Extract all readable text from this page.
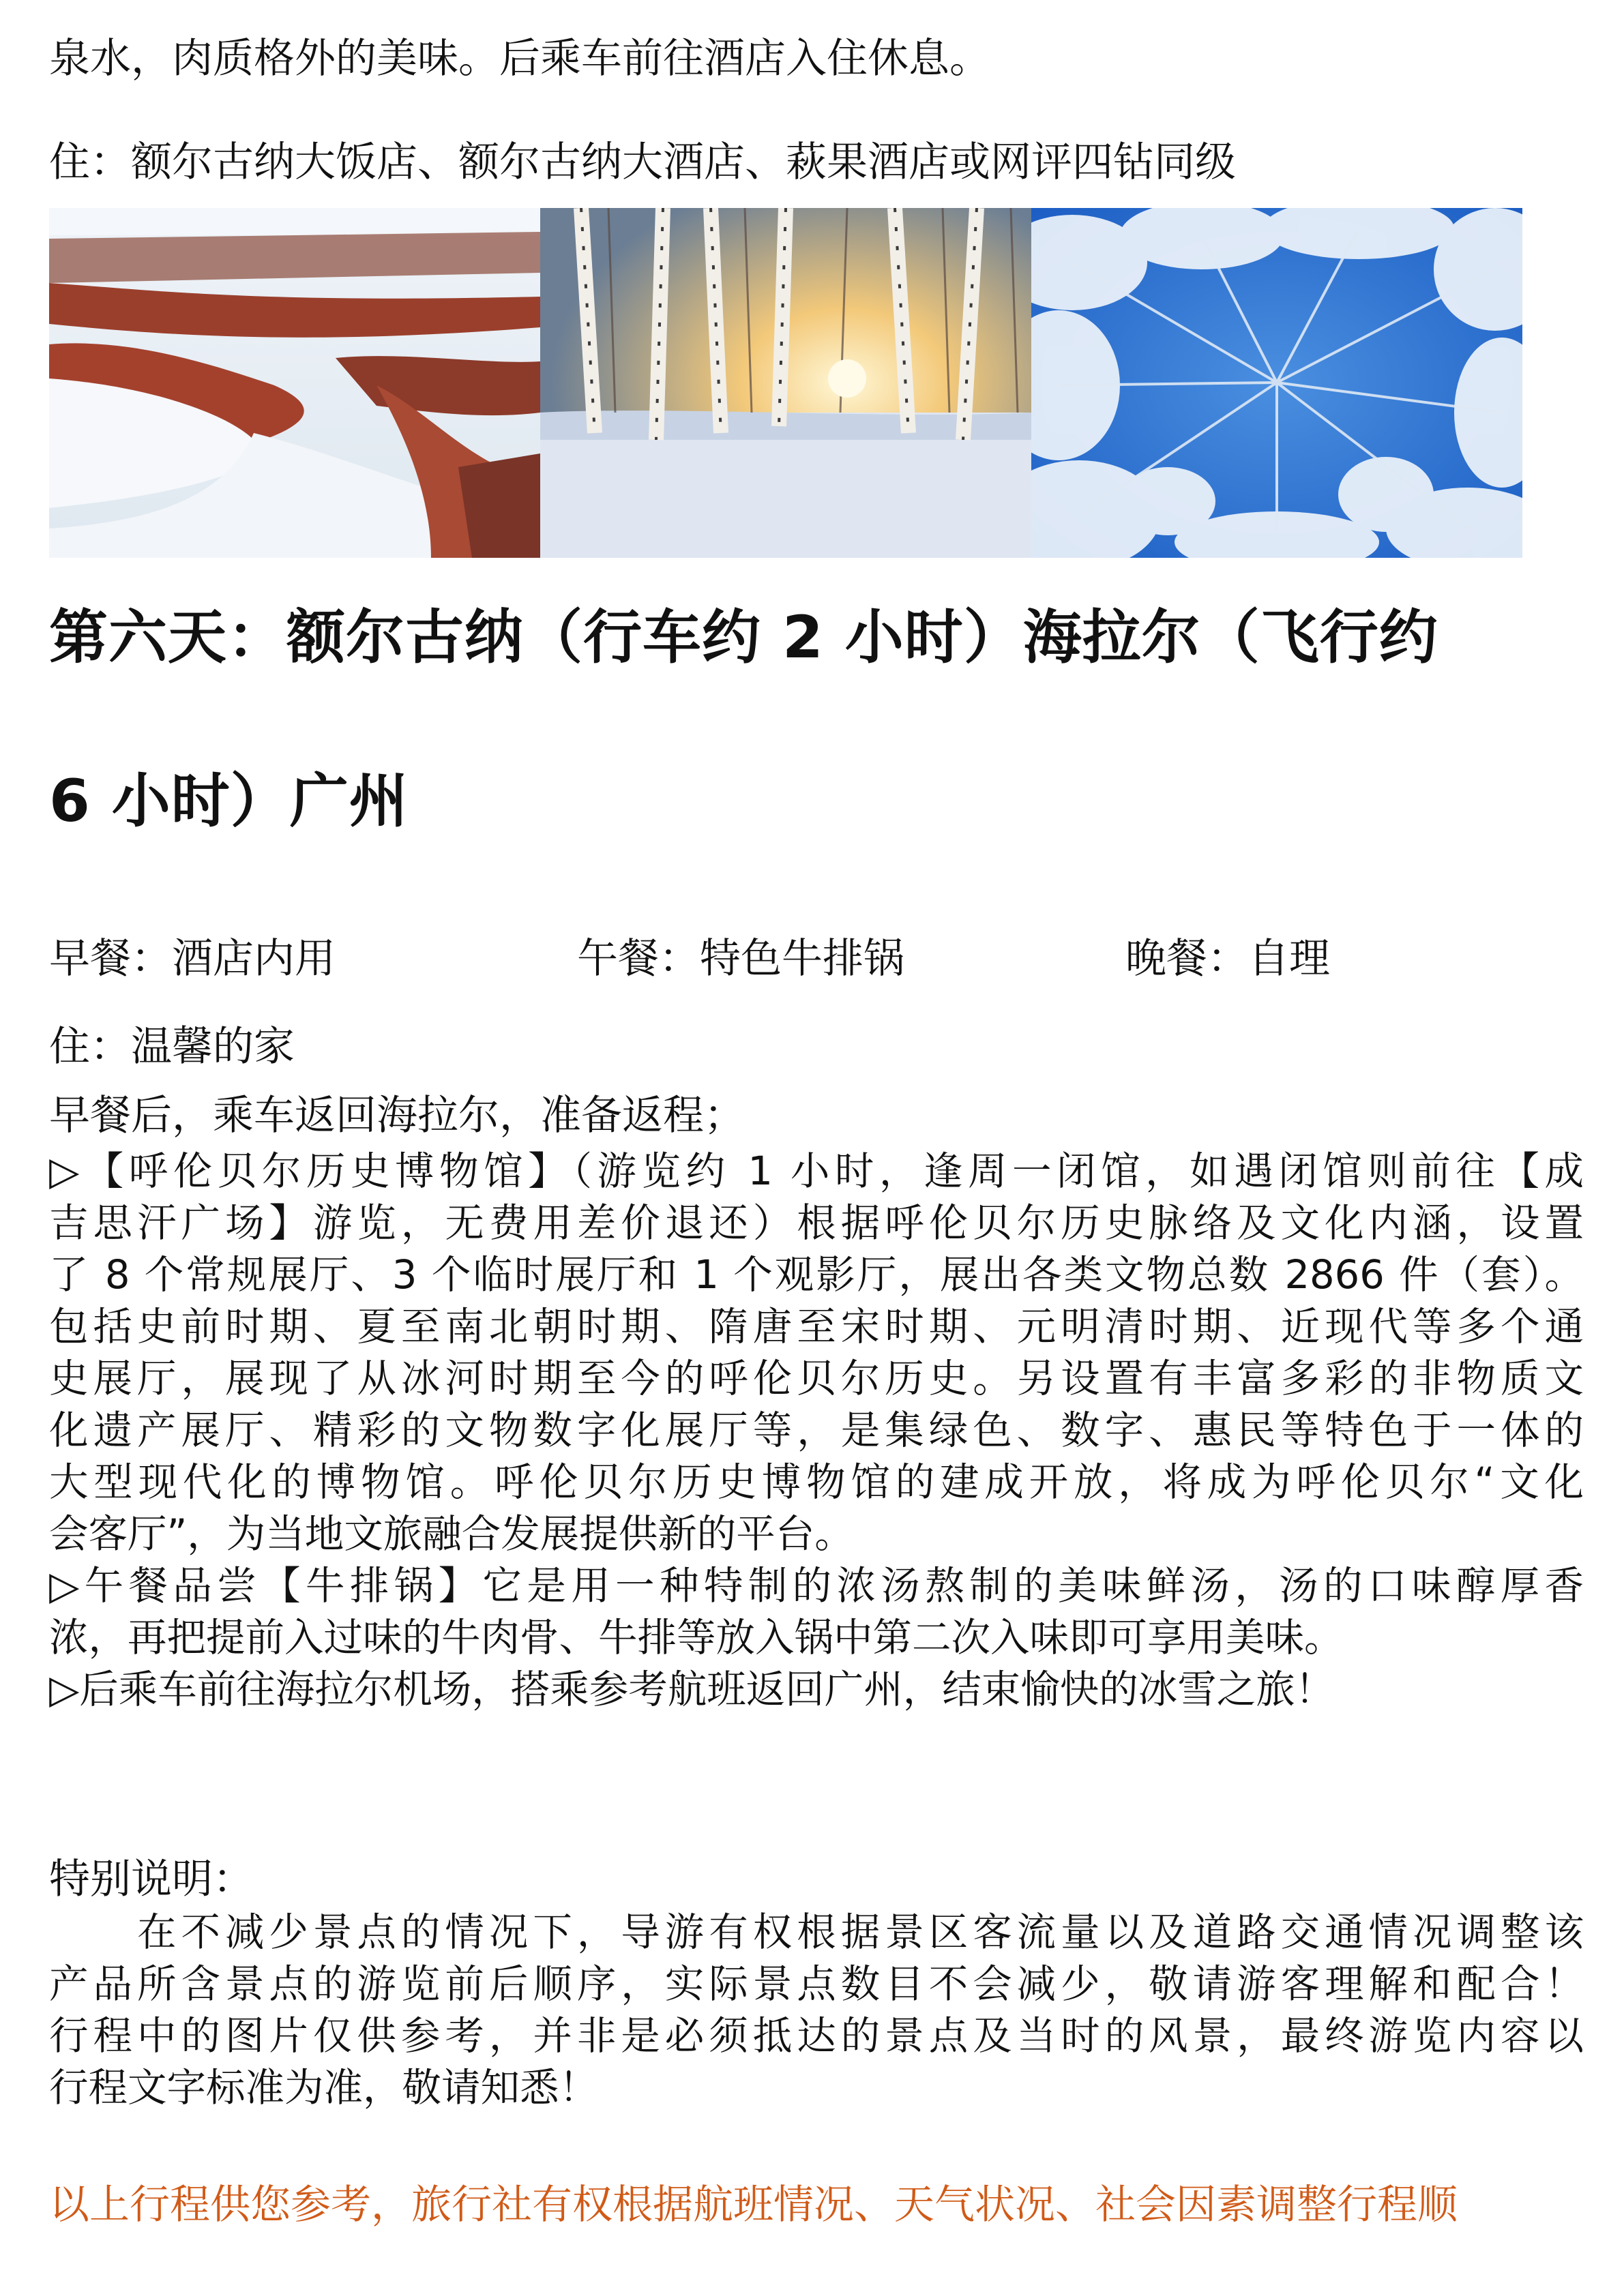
泉水，肉质格外的美味。后乘车前往酒店入住休息。
住：额尔古纳大饭店、额尔古纳大酒店、萩果酒店或网评四钻同级
第六天：额尔古纳（行车约 2 小时）海拉尔（飞行约
6 小时）广州
早餐：酒店内用	午餐：特色牛排锅	晚餐：自理
住：温馨的家
早餐后，乘车返回海拉尔，准备返程；
▷【呼伦贝尔历史博物馆】（游览约 1 小时，逢周一闭馆，如遇闭馆则前往【成
吉思汗广场】游览，无费用差价退还）根据呼伦贝尔历史脉络及文化内涵，设置
了 8 个常规展厅、3 个临时展厅和 1 个观影厅，展出各类文物总数 2866 件（套）。
包括史前时期、夏至南北朝时期、隋唐至宋时期、元明清时期、近现代等多个通
史展厅，展现了从冰河时期至今的呼伦贝尔历史。另设置有丰富多彩的非物质文
化遗产展厅、精彩的文物数字化展厅等，是集绿色、数字、惠民等特色于一体的
大型现代化的博物馆。呼伦贝尔历史博物馆的建成开放，将成为呼伦贝尔“文化
会客厅”，为当地文旅融合发展提供新的平台。
▷午餐品尝【牛排锅】它是用一种特制的浓汤熬制的美味鲜汤，汤的口味醇厚香
浓，再把提前入过味的牛肉骨、牛排等放入锅中第二次入味即可享用美味。
▷后乘车前往海拉尔机场，搭乘参考航班返回广州，结束愉快的冰雪之旅！
特别说明：
　　在不减少景点的情况下，导游有权根据景区客流量以及道路交通情况调整该
产品所含景点的游览前后顺序，实际景点数目不会减少，敬请游客理解和配合！
行程中的图片仅供参考，并非是必须抵达的景点及当时的风景，最终游览内容以
行程文字标准为准，敬请知悉！
以上行程供您参考，旅行社有权根据航班情况、天气状况、社会因素调整行程顺
